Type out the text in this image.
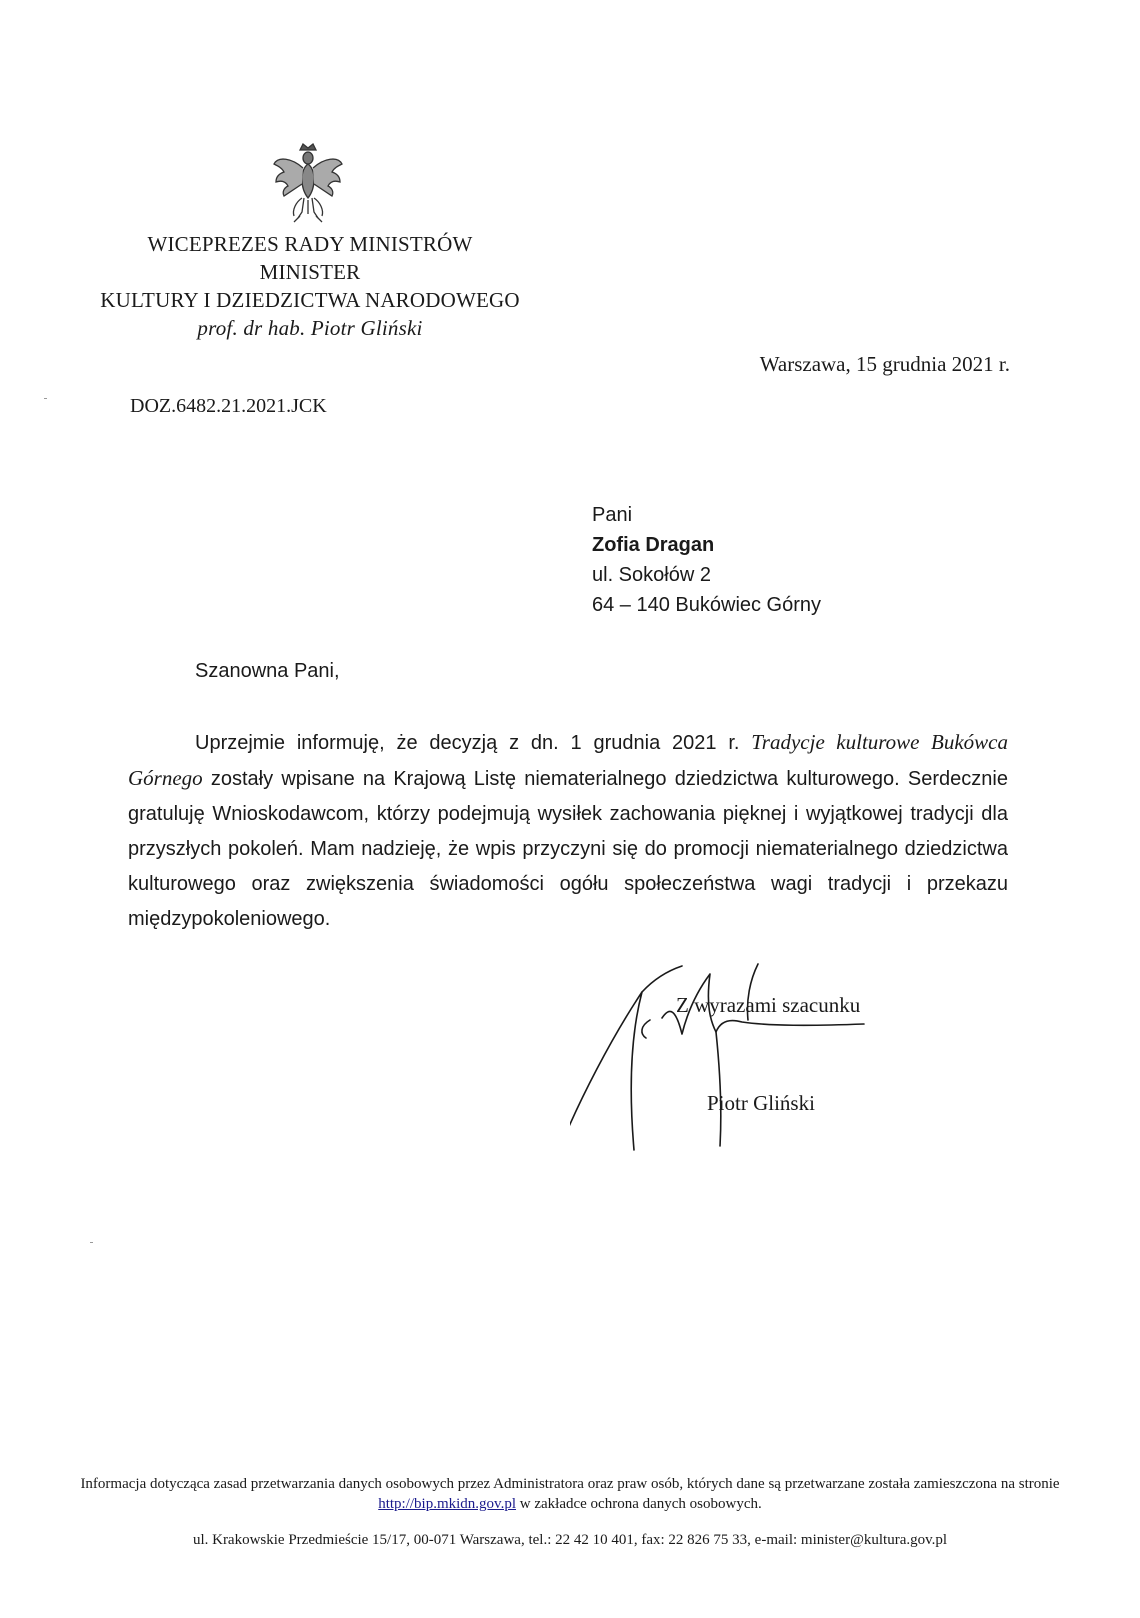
WICEPREZES RADY MINISTRÓW
MINISTER
KULTURY I DZIEDZICTWA NARODOWEGO
prof. dr hab. Piotr Gliński
Warszawa, 15 grudnia 2021 r.
DOZ.6482.21.2021.JCK
Pani
Zofia Dragan
ul. Sokołów 2
64 – 140 Bukówiec Górny
Szanowna Pani,
Uprzejmie informuję, że decyzją z dn. 1 grudnia 2021 r. Tradycje kulturowe Bukówca Górnego zostały wpisane na Krajową Listę niematerialnego dziedzictwa kulturowego. Serdecznie gratuluję Wnioskodawcom, którzy podejmują wysiłek zachowania pięknej i wyjątkowej tradycji dla przyszłych pokoleń. Mam nadzieję, że wpis przyczyni się do promocji niematerialnego dziedzictwa kulturowego oraz zwiększenia świadomości ogółu społeczeństwa wagi tradycji i przekazu międzypokoleniowego.
Z wyrazami szacunku
Piotr Gliński
Informacja dotycząca zasad przetwarzania danych osobowych przez Administratora oraz praw osób, których dane są przetwarzane została zamieszczona na stronie http://bip.mkidn.gov.pl w zakładce ochrona danych osobowych.
ul. Krakowskie Przedmieście 15/17, 00-071 Warszawa, tel.: 22 42 10 401, fax: 22 826 75 33, e-mail: minister@kultura.gov.pl
